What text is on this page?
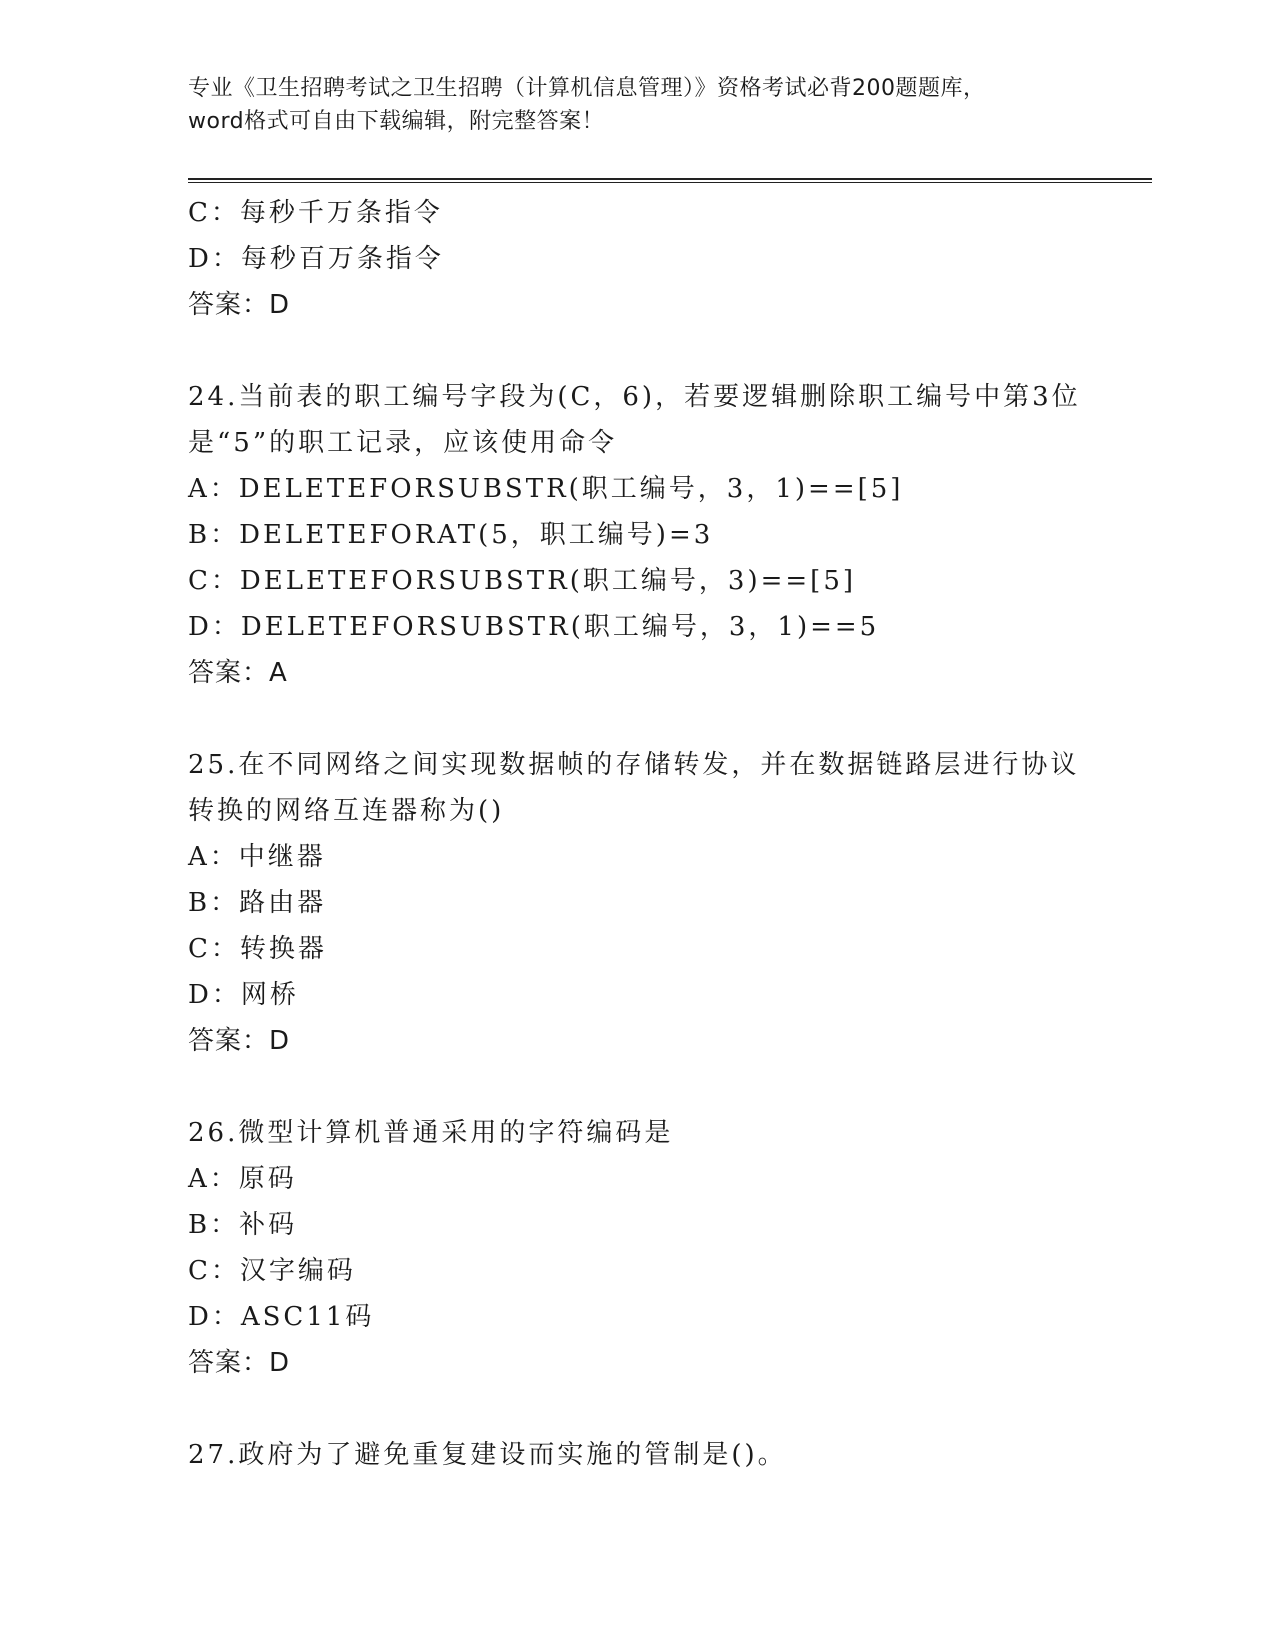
专业《卫生招聘考试之卫生招聘（计算机信息管理）》资格考试必背200题题库，
word格式可自由下载编辑，附完整答案！
C：每秒千万条指令
D：每秒百万条指令
答案：D
24.当前表的职工编号字段为(C，6)，若要逻辑删除职工编号中第3位
是“5”的职工记录，应该使用命令
A：DELETEFORSUBSTR(职工编号，3，1)==[5]
B：DELETEFORAT(5，职工编号)=3
C：DELETEFORSUBSTR(职工编号，3)==[5]
D：DELETEFORSUBSTR(职工编号，3，1)==5
答案：A
25.在不同网络之间实现数据帧的存储转发，并在数据链路层进行协议
转换的网络互连器称为()
A：中继器
B：路由器
C：转换器
D：网桥
答案：D
26.微型计算机普通采用的字符编码是
A：原码
B：补码
C：汉字编码
D：ASC11码
答案：D
27.政府为了避免重复建设而实施的管制是()。
